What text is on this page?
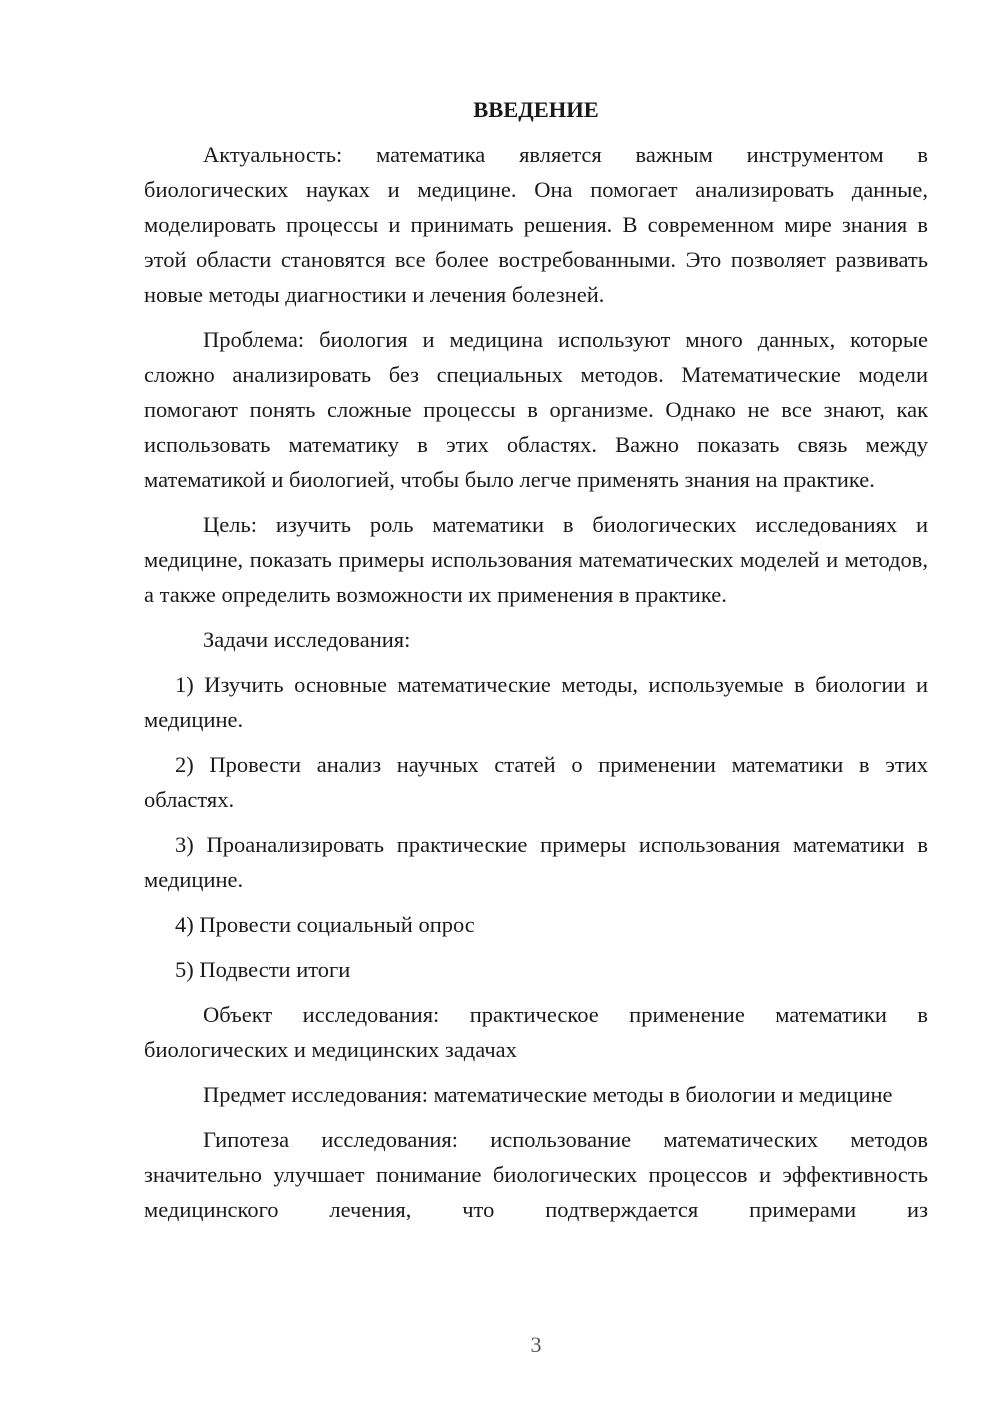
ВВЕДЕНИЕ

Актуальность: математика является важным инструментом в биологических науках и медицине. Она помогает анализировать данные, моделировать процессы и принимать решения. В современном мире знания в этой области становятся все более востребованными. Это позволяет развивать новые методы диагностики и лечения болезней.

Проблема: биология и медицина используют много данных, которые сложно анализировать без специальных методов. Математические модели помогают понять сложные процессы в организме. Однако не все знают, как использовать математику в этих областях. Важно показать связь между математикой и биологией, чтобы было легче применять знания на практике.

Цель: изучить роль математики в биологических исследованиях и медицине, показать примеры использования математических моделей и методов, а также определить возможности их применения в практике.

Задачи исследования:

1) Изучить основные математические методы, используемые в биологии и медицине.

2) Провести анализ научных статей о применении математики в этих областях.

3) Проанализировать практические примеры использования математики в медицине.

4) Провести социальный опрос

5) Подвести итоги

Объект исследования: практическое применение математики в биологических и медицинских задачах

Предмет исследования: математические методы в биологии и медицине

Гипотеза исследования: использование математических методов значительно улучшает понимание биологических процессов и эффективность медицинского лечения, что подтверждается примерами из

3
